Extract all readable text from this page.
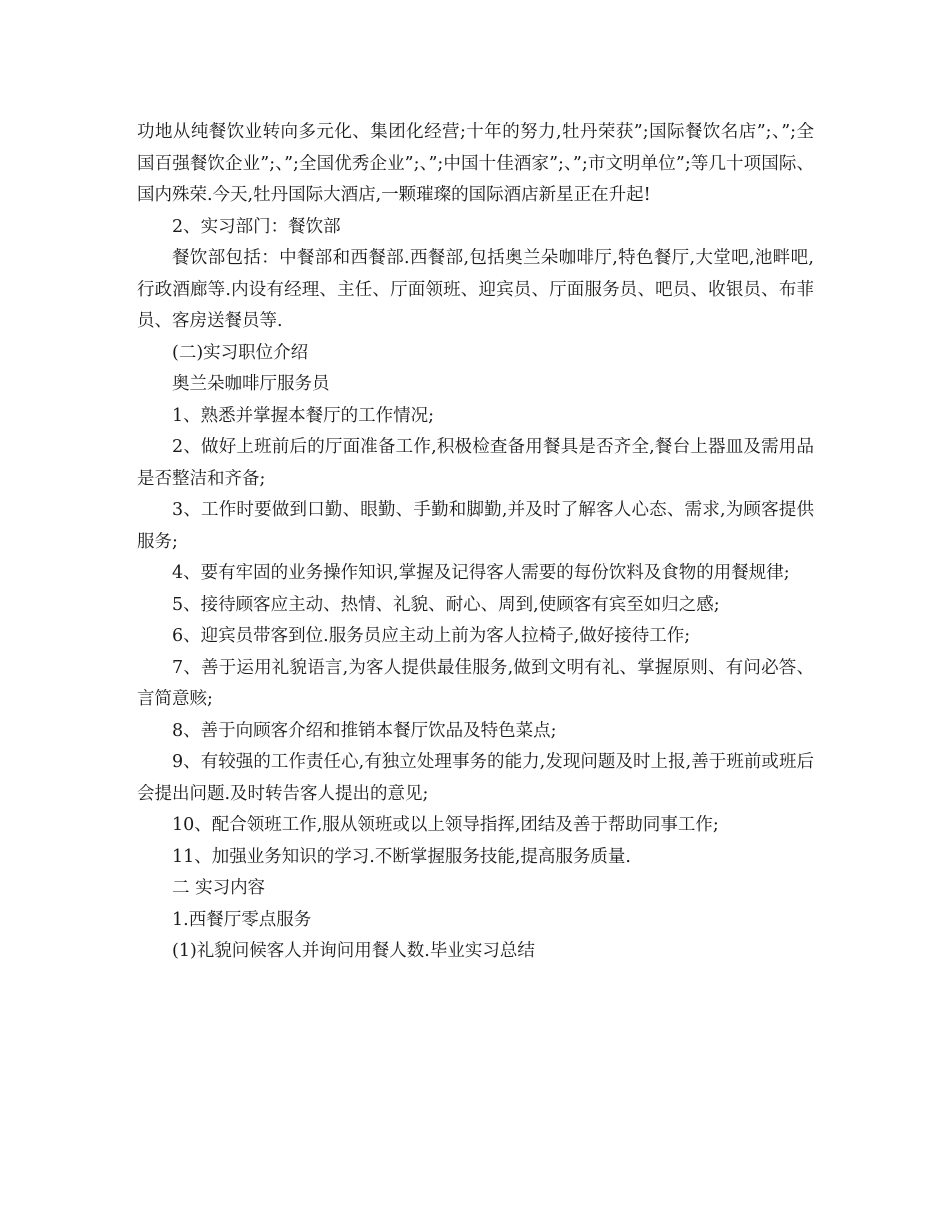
功地从纯餐饮业转向多元化、集团化经营;十年的努力,牡丹荣获”;国际餐饮名店”;、”;全国百强餐饮企业”;、”;全国优秀企业”;、”;中国十佳酒家”;、”;市文明单位”;等几十项国际、国内殊荣.今天,牡丹国际大酒店,一颗璀璨的国际酒店新星正在升起!

2、实习部门：餐饮部

餐饮部包括：中餐部和西餐部.西餐部,包括奥兰朵咖啡厅,特色餐厅,大堂吧,池畔吧,行政酒廊等.内设有经理、主任、厅面领班、迎宾员、厅面服务员、吧员、收银员、布菲员、客房送餐员等.

(二)实习职位介绍

奥兰朵咖啡厅服务员

1、熟悉并掌握本餐厅的工作情况;

2、做好上班前后的厅面准备工作,积极检查备用餐具是否齐全,餐台上器皿及需用品是否整洁和齐备;

3、工作时要做到口勤、眼勤、手勤和脚勤,并及时了解客人心态、需求,为顾客提供服务;

4、要有牢固的业务操作知识,掌握及记得客人需要的每份饮料及食物的用餐规律;

5、接待顾客应主动、热情、礼貌、耐心、周到,使顾客有宾至如归之感;

6、迎宾员带客到位.服务员应主动上前为客人拉椅子,做好接待工作;

7、善于运用礼貌语言,为客人提供最佳服务,做到文明有礼、掌握原则、有问必答、言简意赅;

8、善于向顾客介绍和推销本餐厅饮品及特色菜点;

9、有较强的工作责任心,有独立处理事务的能力,发现问题及时上报,善于班前或班后会提出问题.及时转告客人提出的意见;

10、配合领班工作,服从领班或以上领导指挥,团结及善于帮助同事工作;

11、加强业务知识的学习.不断掌握服务技能,提高服务质量.

二 实习内容

1.西餐厅零点服务

(1)礼貌问候客人并询问用餐人数.毕业实习总结
